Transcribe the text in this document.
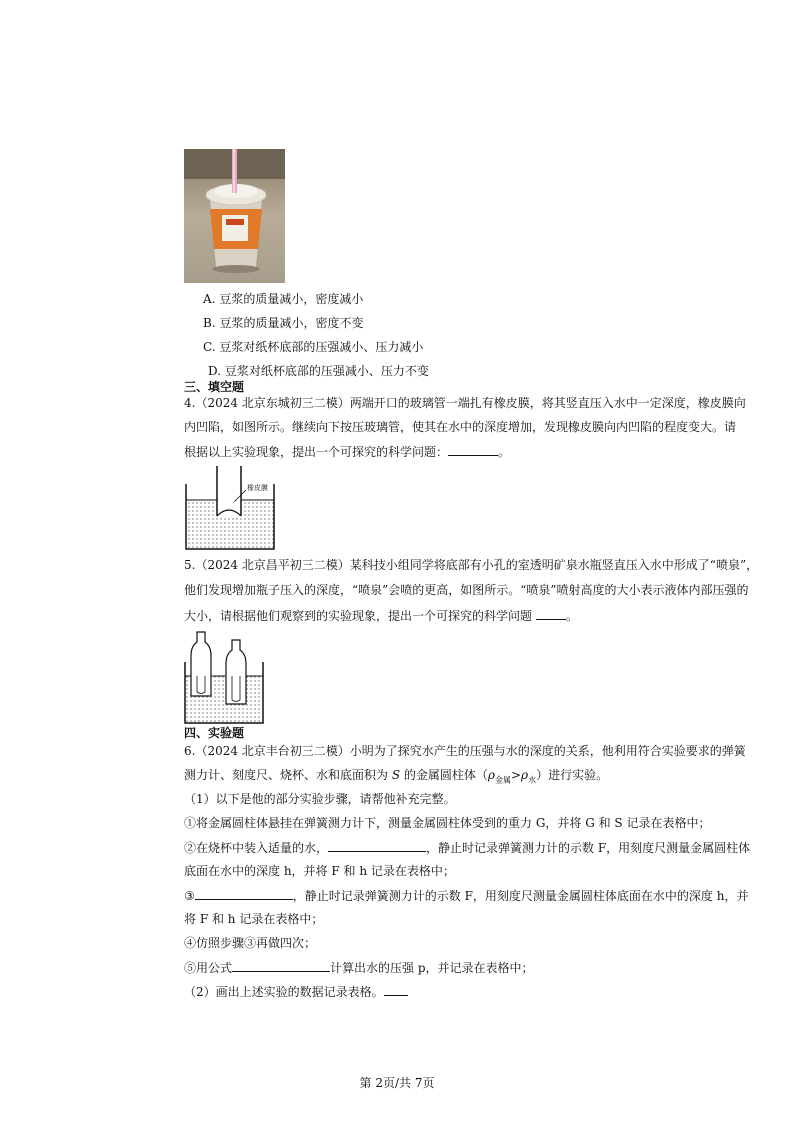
A. 豆浆的质量减小，密度减小
B. 豆浆的质量减小，密度不变
C. 豆浆对纸杯底部的压强减小、压力减小
D. 豆浆对纸杯底部的压强减小、压力不变
三、填空题
4.（2024 北京东城初三二模）两端开口的玻璃管一端扎有橡皮膜，将其竖直压入水中一定深度，橡皮膜向
内凹陷，如图所示。继续向下按压玻璃管，使其在水中的深度增加，发现橡皮膜向内凹陷的程度变大。请
根据以上实验现象，提出一个可探究的科学问题：	。
橡皮膜
5.（2024 北京昌平初三二模）某科技小组同学将底部有小孔的室透明矿泉水瓶竖直压入水中形成了“喷泉”，
他们发现增加瓶子压入的深度，“喷泉”会喷的更高，如图所示。“喷泉”喷射高度的大小表示液体内部压强的
大小，请根据他们观察到的实验现象，提出一个可探究的科学问题	。
四、实验题
6.（2024 北京丰台初三二模）小明为了探究水产生的压强与水的深度的关系，他利用符合实验要求的弹簧
测力计、刻度尺、烧杯、水和底面积为 S 的金属圆柱体$(\rho_{金属}>\rho_水)$进行实验。
（1）以下是他的部分实验步骤，请帮他补充完整。
①将金属圆柱体悬挂在弹簧测力计下，测量金属圆柱体受到的重力 G，并将 G 和 S 记录在表格中；
②在烧杯中装入适量的水，	，静止时记录弹簧测力计的示数 F，用刻度尺测量金属圆柱体
底面在水中的深度 h，并将 F 和 h 记录在表格中；
③	，静止时记录弹簧测力计的示数 F，用刻度尺测量金属圆柱体底面在水中的深度 h，并
将 F 和 h 记录在表格中；
④仿照步骤③再做四次；
⑤用公式	计算出水的压强 p，并记录在表格中；
（2）画出上述实验的数据记录表格。
第 2页/共 7页
